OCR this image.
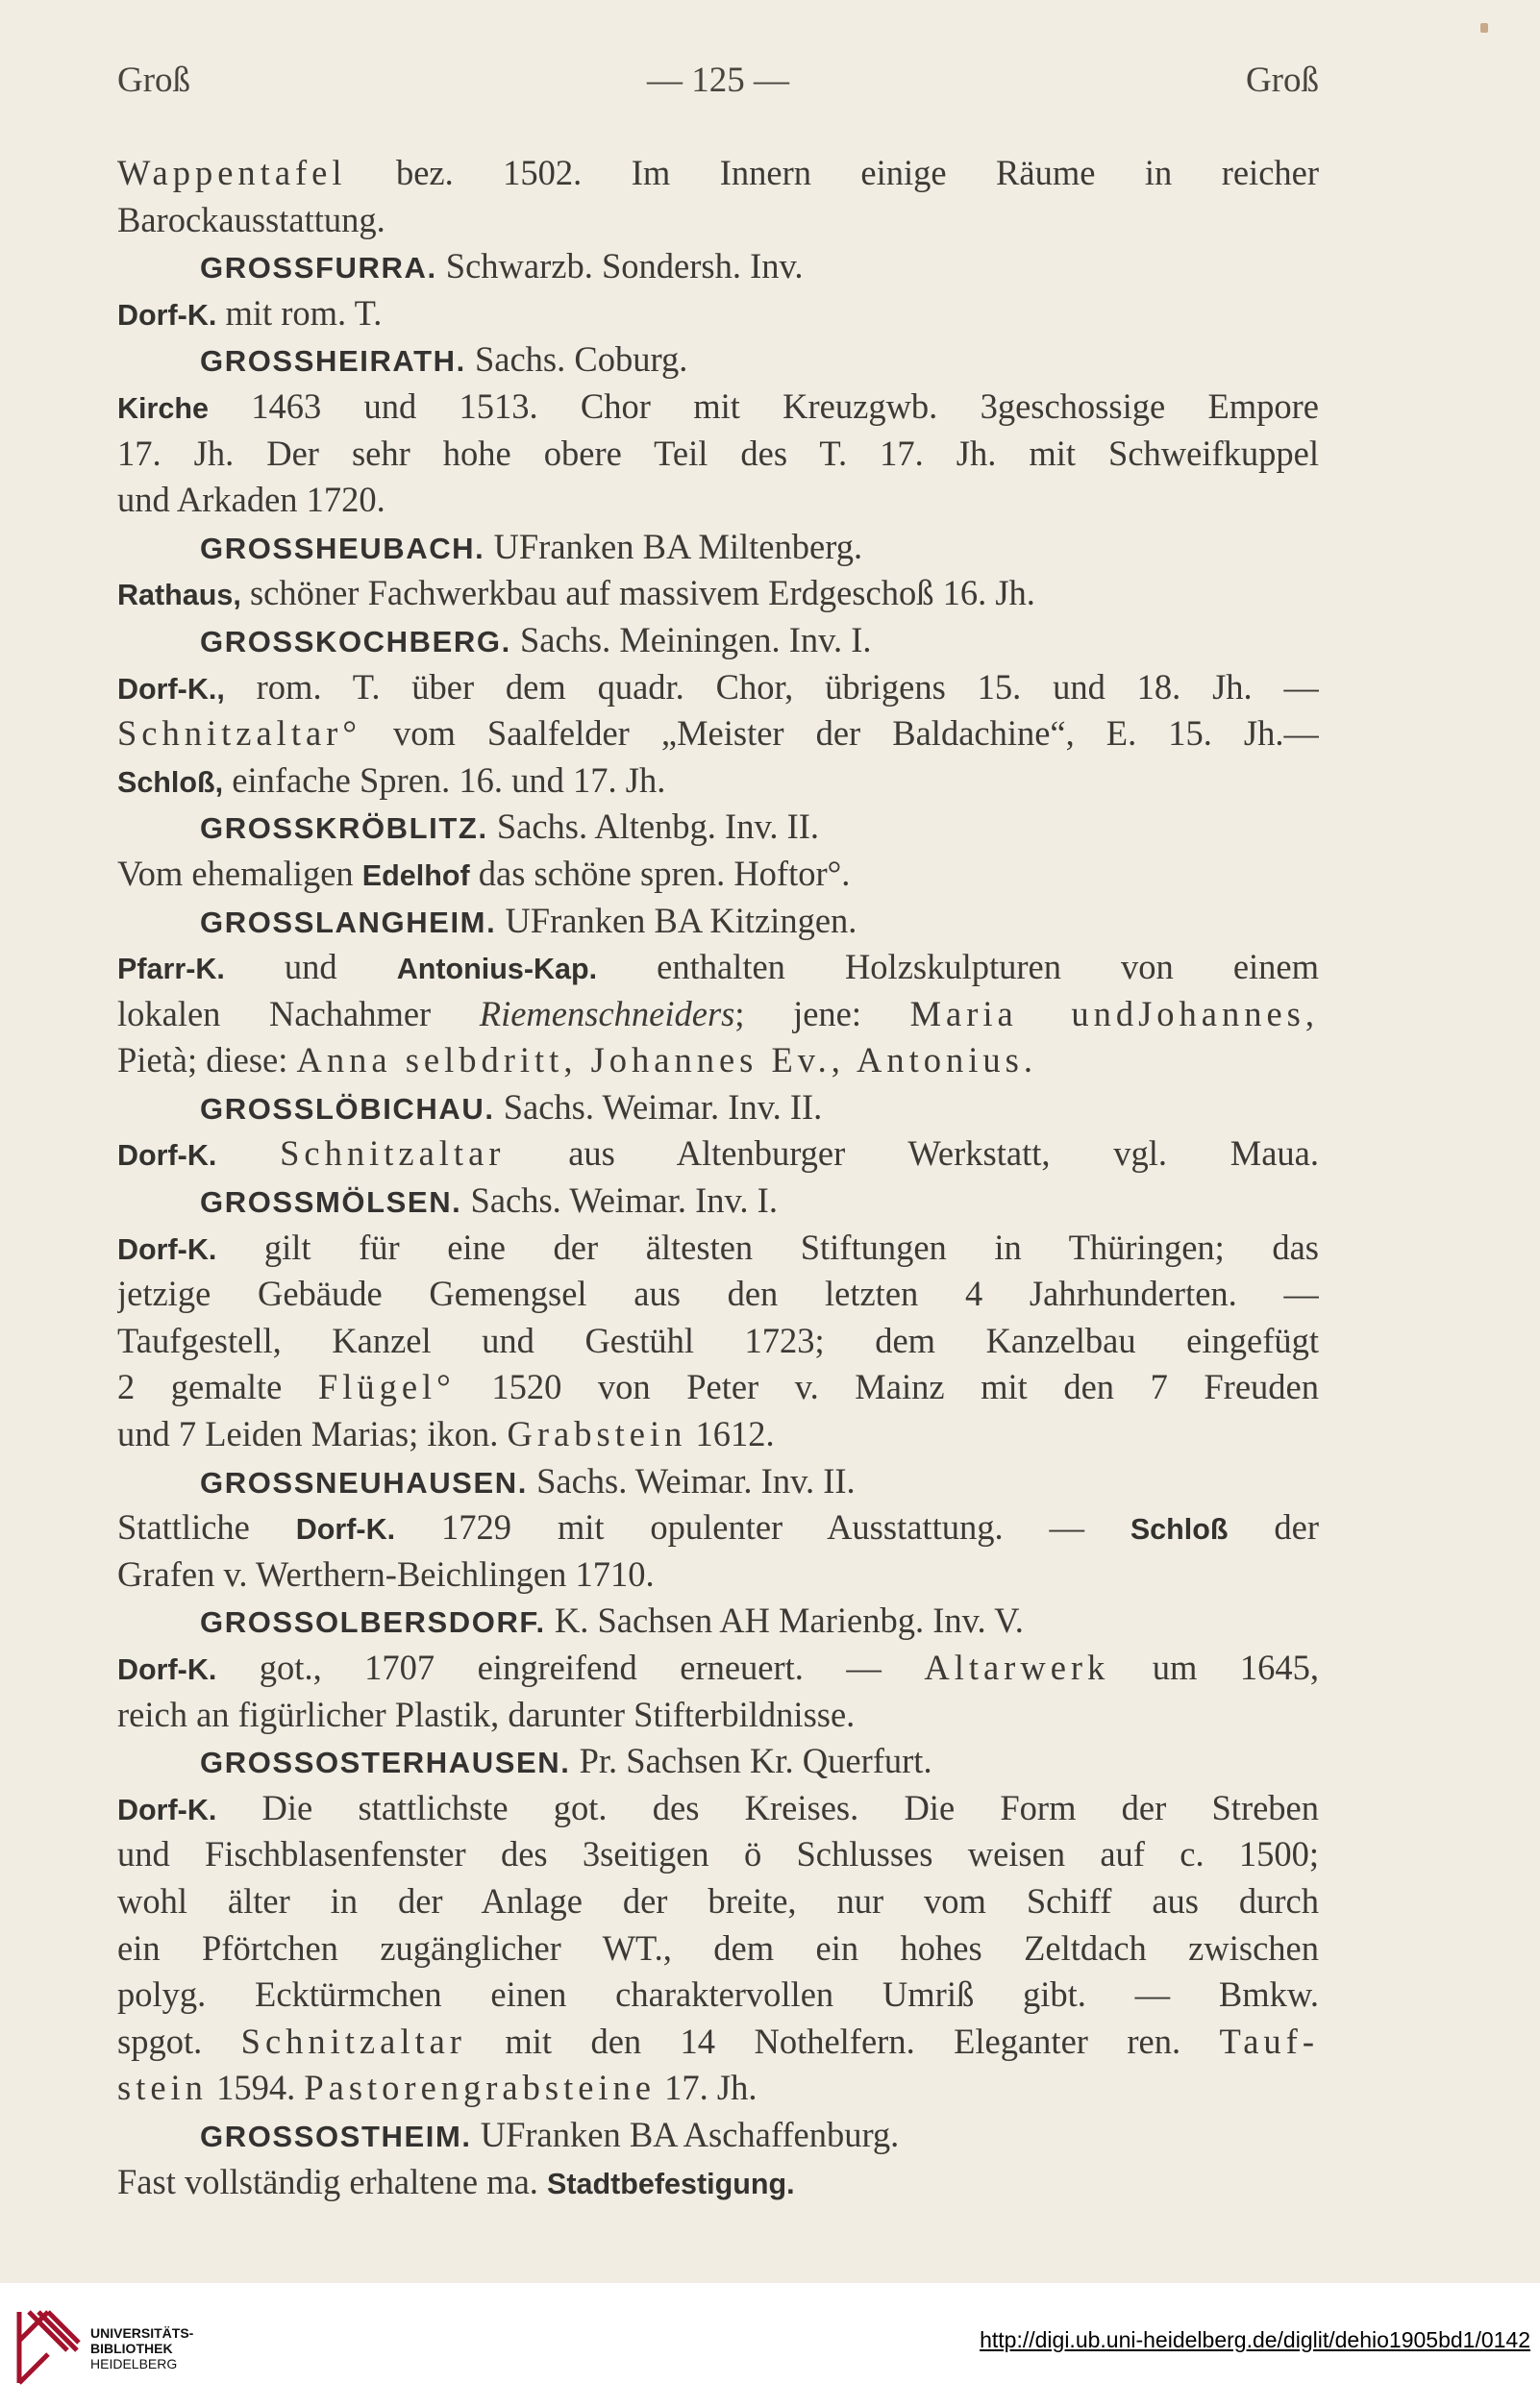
Groß	— 125 —	Groß
Wappentafel bez. 1502. Im Innern einige Räume in reicher
Barockausstattung.
GROSSFURRA. Schwarzb. Sondersh. Inv.
Dorf-K. mit rom. T.
GROSSHEIRATH. Sachs. Coburg.
Kirche 1463 und 1513. Chor mit Kreuzgwb. 3geschossige Empore
17. Jh. Der sehr hohe obere Teil des T. 17. Jh. mit Schweifkuppel
und Arkaden 1720.
GROSSHEUBACH. UFranken BA Miltenberg.
Rathaus, schöner Fachwerkbau auf massivem Erdgeschoß 16. Jh.
GROSSKOCHBERG. Sachs. Meiningen. Inv. I.
Dorf-K., rom. T. über dem quadr. Chor, übrigens 15. und 18. Jh. —
Schnitzaltar° vom Saalfelder „Meister der Baldachine“, E. 15. Jh.—
Schloß, einfache Spren. 16. und 17. Jh.
GROSSKRÖBLITZ. Sachs. Altenbg. Inv. II.
Vom ehemaligen Edelhof das schöne spren. Hoftor°.
GROSSLANGHEIM. UFranken BA Kitzingen.
Pfarr-K. und Antonius-Kap. enthalten Holzskulpturen von einem
lokalen Nachahmer Riemenschneiders; jene: Maria undJohannes,
Pietà; diese: Anna selbdritt, Johannes Ev., Antonius.
GROSSLÖBICHAU. Sachs. Weimar. Inv. II.
Dorf-K. Schnitzaltar aus Altenburger Werkstatt, vgl. Maua.
GROSSMÖLSEN. Sachs. Weimar. Inv. I.
Dorf-K. gilt für eine der ältesten Stiftungen in Thüringen; das
jetzige Gebäude Gemengsel aus den letzten 4 Jahrhunderten. —
Taufgestell, Kanzel und Gestühl 1723; dem Kanzelbau eingefügt
2 gemalte Flügel° 1520 von Peter v. Mainz mit den 7 Freuden
und 7 Leiden Marias; ikon. Grabstein 1612.
GROSSNEUHAUSEN. Sachs. Weimar. Inv. II.
Stattliche Dorf-K. 1729 mit opulenter Ausstattung. — Schloß der
Grafen v. Werthern-Beichlingen 1710.
GROSSOLBERSDORF. K. Sachsen AH Marienbg. Inv. V.
Dorf-K. got., 1707 eingreifend erneuert. — Altarwerk um 1645,
reich an figürlicher Plastik, darunter Stifterbildnisse.
GROSSOSTERHAUSEN. Pr. Sachsen Kr. Querfurt.
Dorf-K. Die stattlichste got. des Kreises. Die Form der Streben
und Fischblasenfenster des 3seitigen ö Schlusses weisen auf c. 1500;
wohl älter in der Anlage der breite, nur vom Schiff aus durch
ein Pförtchen zugänglicher WT., dem ein hohes Zeltdach zwischen
polyg. Ecktürmchen einen charaktervollen Umriß gibt. — Bmkw.
spgot. Schnitzaltar mit den 14 Nothelfern. Eleganter ren. Tauf-
stein 1594. Pastorengrabsteine 17. Jh.
GROSSOSTHEIM. UFranken BA Aschaffenburg.
Fast vollständig erhaltene ma. Stadtbefestigung.
UNIVERSITÄTS-
BIBLIOTHEK
HEIDELBERG
http://digi.ub.uni-heidelberg.de/diglit/dehio1905bd1/0142
